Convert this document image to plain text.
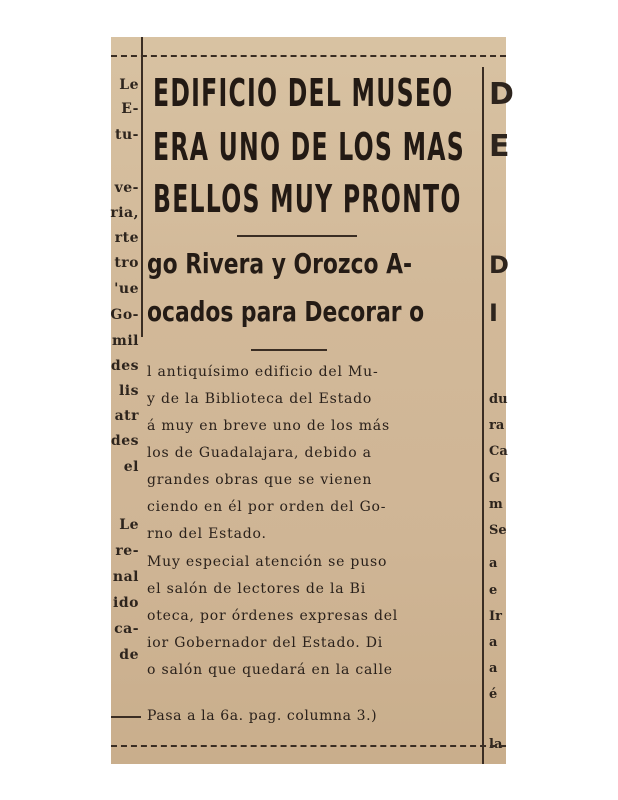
Le
E-
tu-
ve-
ria,
rte
tro
'ue
Go-
mil
des
lis
atr
des
el
Le
re-
nal
ido
ca-
de
EDIFICIO DEL MUSEO
ERA UNO DE LOS MAS
BELLOS MUY PRONTO
go Rivera y Orozco A-
ocados para Decorar o
l antiquísimo edificio del Mu-
y de la Biblioteca del Estado
á muy en breve uno de los más
los de Guadalajara, debido a
grandes obras que se vienen
ciendo en él por orden del Go-
rno del Estado.
Muy especial atención se puso
el salón de lectores de la Bi
oteca, por órdenes expresas del
ior Gobernador del Estado. Di
o salón que quedará en la calle
Pasa a la 6a. pag. columna 3.)
D
E
D
I
du
ra
Ca
G
m
Se
a
e
Ir
a
a
é
la
